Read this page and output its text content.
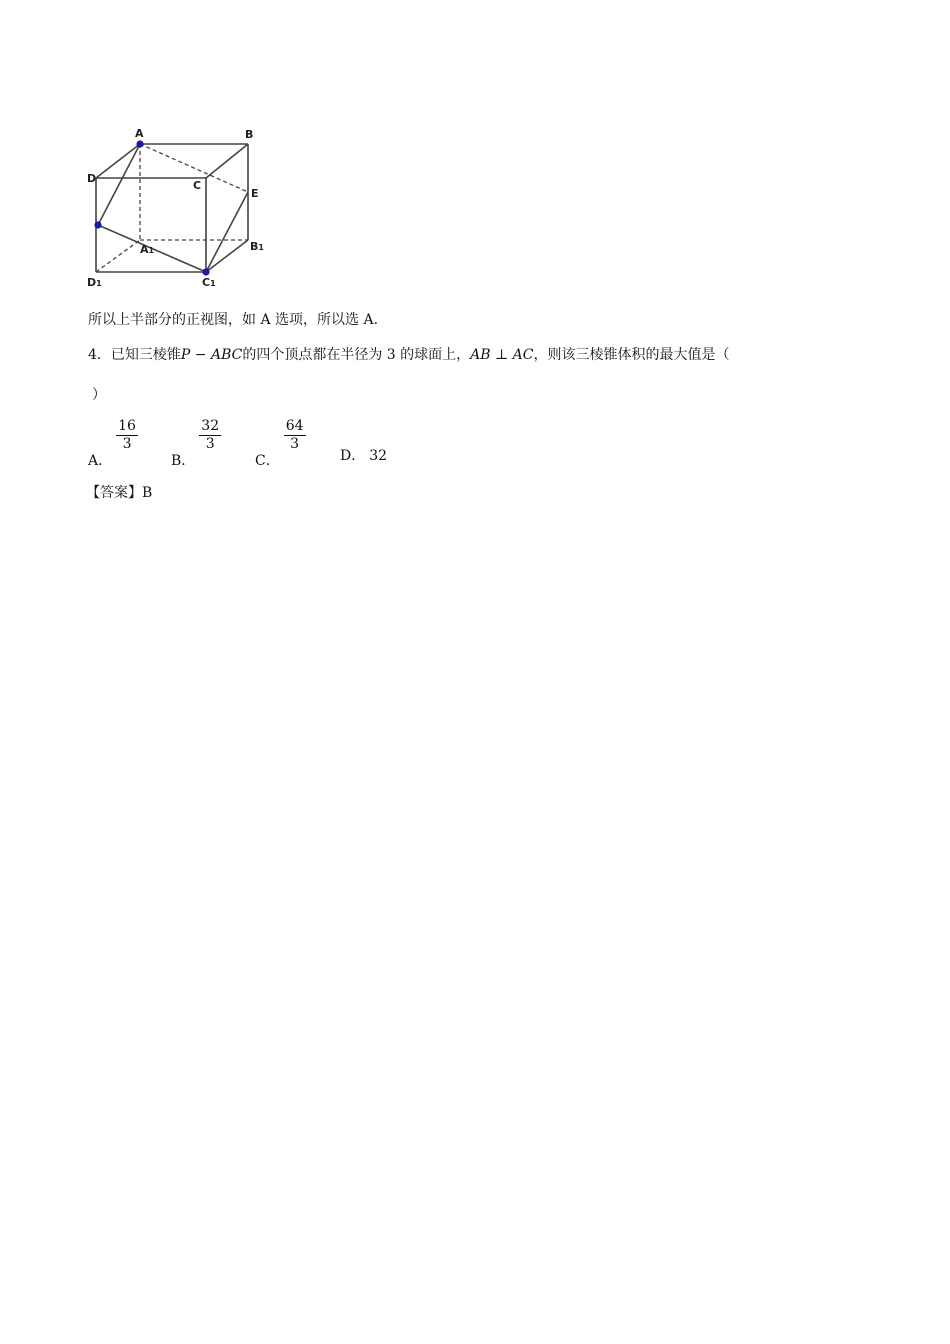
A	B
D
C
E
A1	B1
C1
D1
所以上半部分的正视图，如 A 选项，所以选 A.
4．已知三棱锥P − ABC的四个顶点都在半径为 3 的球面上，AB ⊥ AC，则该三棱锥体积的最大值是（
）
A．
$\frac{16}{3}$
B．
$\frac{32}{3}$
C．
$\frac{64}{3}$
D． 32
【答案】B
